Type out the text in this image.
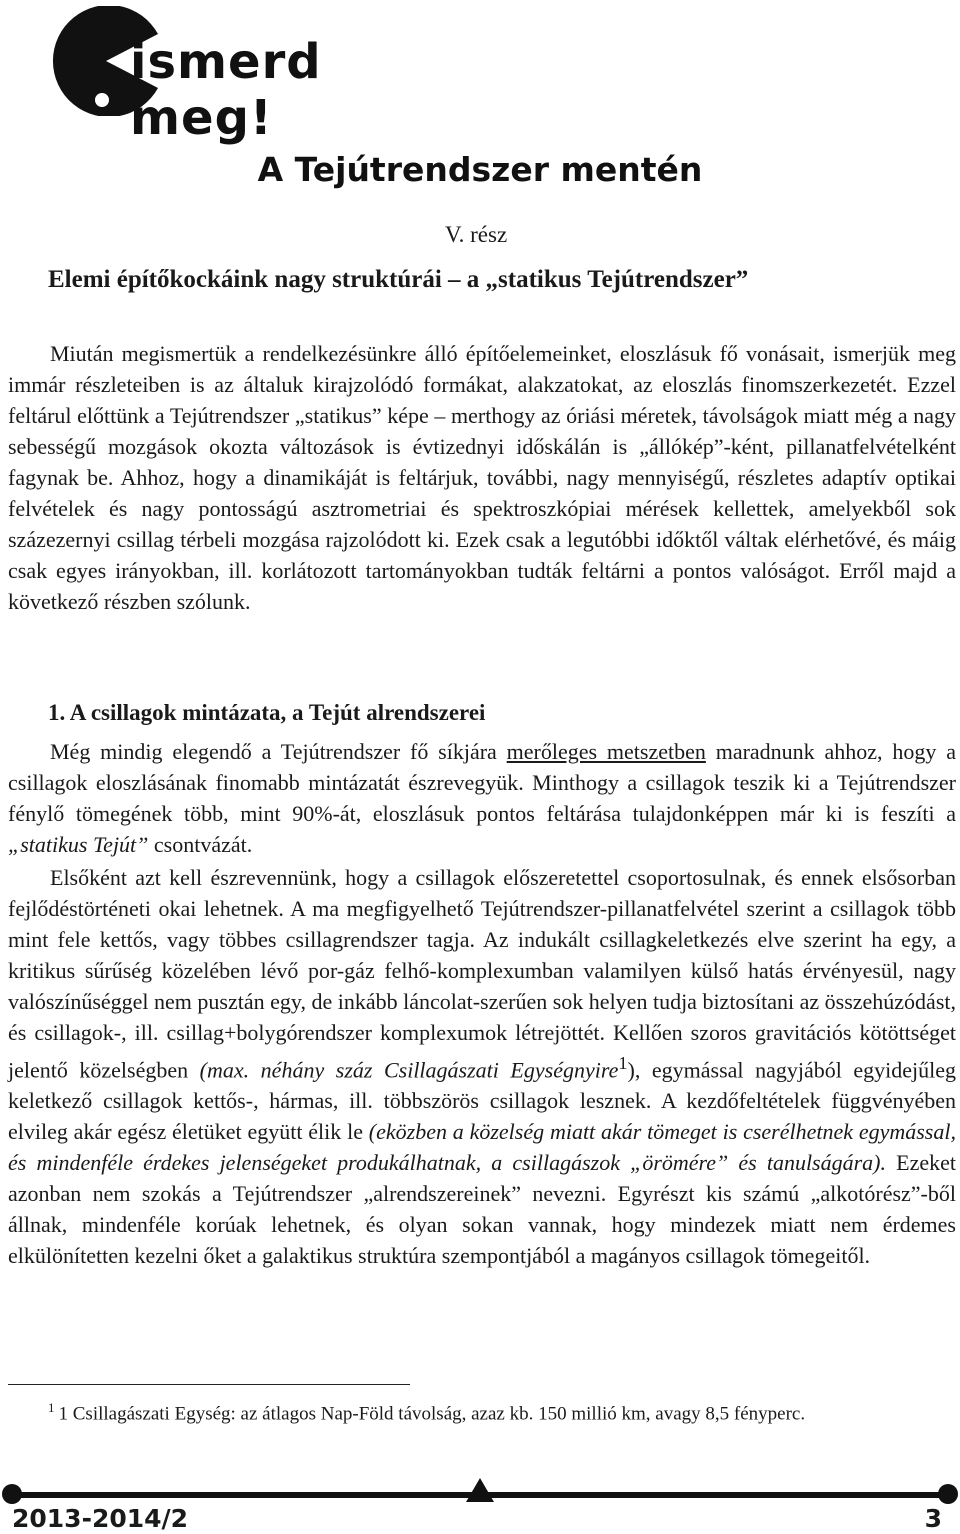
ismerd meg!
A Tejútrendszer mentén
V. rész
Elemi építőkockáink nagy struktúrái – a „statikus Tejútrendszer”

Miután megismertük a rendelkezésünkre álló építőelemeinket, eloszlásuk fő vonásait, ismerjük meg immár részleteiben is az általuk kirajzolódó formákat, alakzatokat, az eloszlás finomszerkezetét. Ezzel feltárul előttünk a Tejútrendszer „statikus” képe – merthogy az óriási méretek, távolságok miatt még a nagy sebességű mozgások okozta változások is évtizednyi időskálán is „állókép”-ként, pillanatfelvételként fagynak be. Ahhoz, hogy a dinamikáját is feltárjuk, további, nagy mennyiségű, részletes adaptív optikai felvételek és nagy pontosságú asztrometriai és spektroszkópiai mérések kellettek, amelyekből sok százezernyi csillag térbeli mozgása rajzolódott ki. Ezek csak a legutóbbi időktől váltak elérhetővé, és máig csak egyes irányokban, ill. korlátozott tartományokban tudták feltárni a pontos valóságot. Erről majd a következő részben szólunk.

1. A csillagok mintázata, a Tejút alrendszerei

Még mindig elegendő a Tejútrendszer fő síkjára merőleges metszetben maradnunk ahhoz, hogy a csillagok eloszlásának finomabb mintázatát észrevegyük. Minthogy a csillagok teszik ki a Tejútrendszer fénylő tömegének több, mint 90%-át, eloszlásuk pontos feltárása tulajdonképpen már ki is feszíti a „statikus Tejút” csontvázát.

Elsőként azt kell észrevennünk, hogy a csillagok előszeretettel csoportosulnak, és ennek elsősorban fejlődéstörténeti okai lehetnek. A ma megfigyelhető Tejútrendszer-pillanatfelvétel szerint a csillagok több mint fele kettős, vagy többes csillagrendszer tagja. Az indukált csillagkeletkezés elve szerint ha egy, a kritikus sűrűség közelében lévő por-gáz felhő-komplexumban valamilyen külső hatás érvényesül, nagy valószínűséggel nem pusztán egy, de inkább láncolat-szerűen sok helyen tudja biztosítani az összehúzódást, és csillagok-, ill. csillag+bolygórendszer komplexumok létrejöttét. Kellően szoros gravitációs kötöttséget jelentő közelségben (max. néhány száz Csillagászati Egységnyire$^1$), egymással nagyjából egyidejűleg keletkező csillagok kettős-, hármas, ill. többszörös csillagok lesznek. A kezdőfeltételek függvényében elvileg akár egész életüket együtt élik le (eközben a közelség miatt akár tömeget is cserélhetnek egymással, és mindenféle érdekes jelenségeket produkálhatnak, a csillagászok „örömére” és tanulságára). Ezeket azonban nem szokás a Tejútrendszer „alrendszereinek” nevezni. Egyrészt kis számú „alkotórész”-ből állnak, mindenféle korúak lehetnek, és olyan sokan vannak, hogy mindezek miatt nem érdemes elkülönítetten kezelni őket a galaktikus struktúra szempontjából a magányos csillagok tömegeitől.

$^1$ 1 Csillagászati Egység: az átlagos Nap-Föld távolság, azaz kb. 150 millió km, avagy 8,5 fényperc.
2013-2014/2	3
